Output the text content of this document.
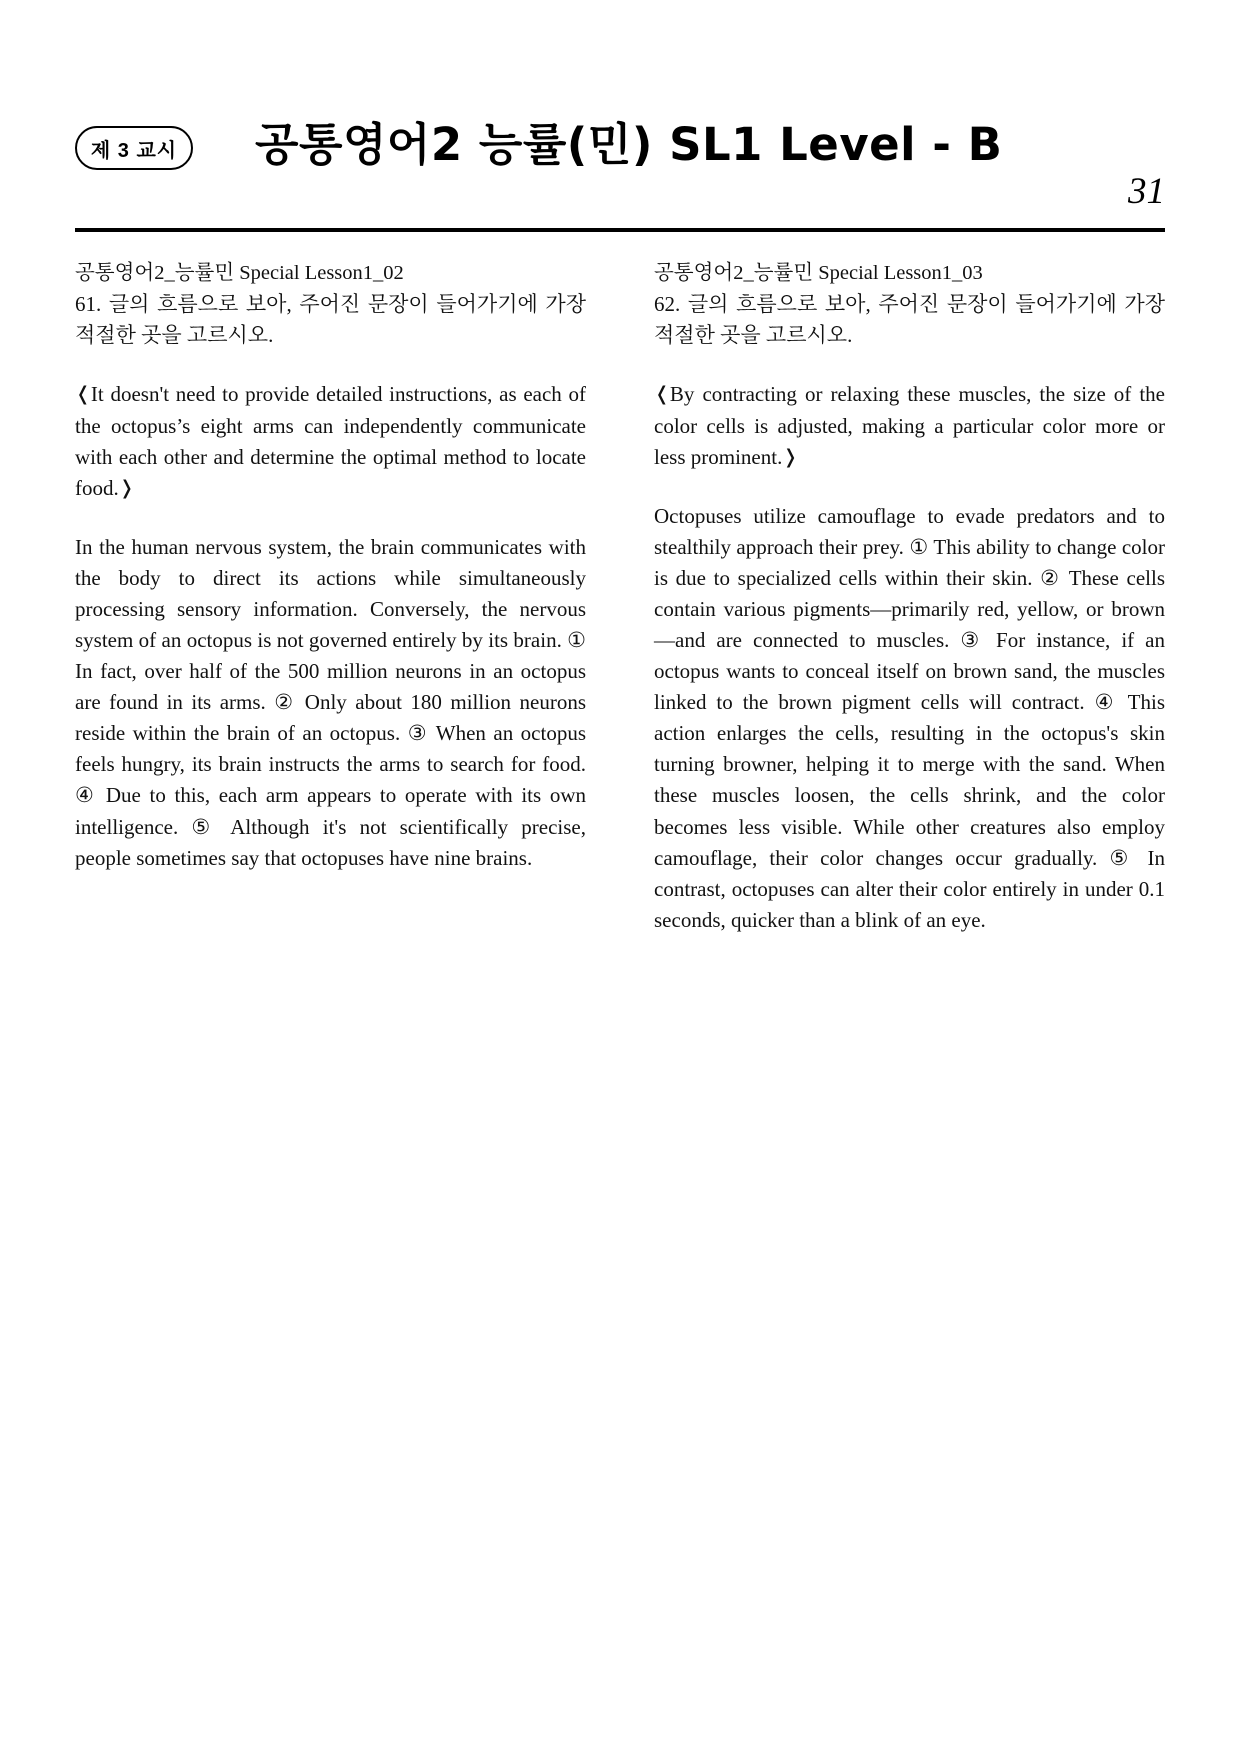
제 3 교시	공통영어2 능률(민) SL1 Level - B
31
공통영어2_능률민 Special Lesson1_02
61. 글의 흐름으로 보아, 주어진 문장이 들어가기에 가장 적절한 곳을 고르시오.
❬It doesn't need to provide detailed instructions, as each of the octopus’s eight arms can independently communicate with each other and determine the optimal method to locate food.❭
In the human nervous system, the brain communicates with the body to direct its actions while simultaneously processing sensory information. Conversely, the nervous system of an octopus is not governed entirely by its brain. ① In fact, over half of the 500 million neurons in an octopus are found in its arms. ② Only about 180 million neurons reside within the brain of an octopus. ③ When an octopus feels hungry, its brain instructs the arms to search for food. ④ Due to this, each arm appears to operate with its own intelligence. ⑤ Although it's not scientifically precise, people sometimes say that octopuses have nine brains.
공통영어2_능률민 Special Lesson1_03
62. 글의 흐름으로 보아, 주어진 문장이 들어가기에 가장 적절한 곳을 고르시오.
❬By contracting or relaxing these muscles, the size of the color cells is adjusted, making a particular color more or less prominent.❭
Octopuses utilize camouflage to evade predators and to stealthily approach their prey. ① This ability to change color is due to specialized cells within their skin. ② These cells contain various pigments—primarily red, yellow, or brown—and are connected to muscles. ③ For instance, if an octopus wants to conceal itself on brown sand, the muscles linked to the brown pigment cells will contract. ④ This action enlarges the cells, resulting in the octopus's skin turning browner, helping it to merge with the sand. When these muscles loosen, the cells shrink, and the color becomes less visible. While other creatures also employ camouflage, their color changes occur gradually. ⑤ In contrast, octopuses can alter their color entirely in under 0.1 seconds, quicker than a blink of an eye.
